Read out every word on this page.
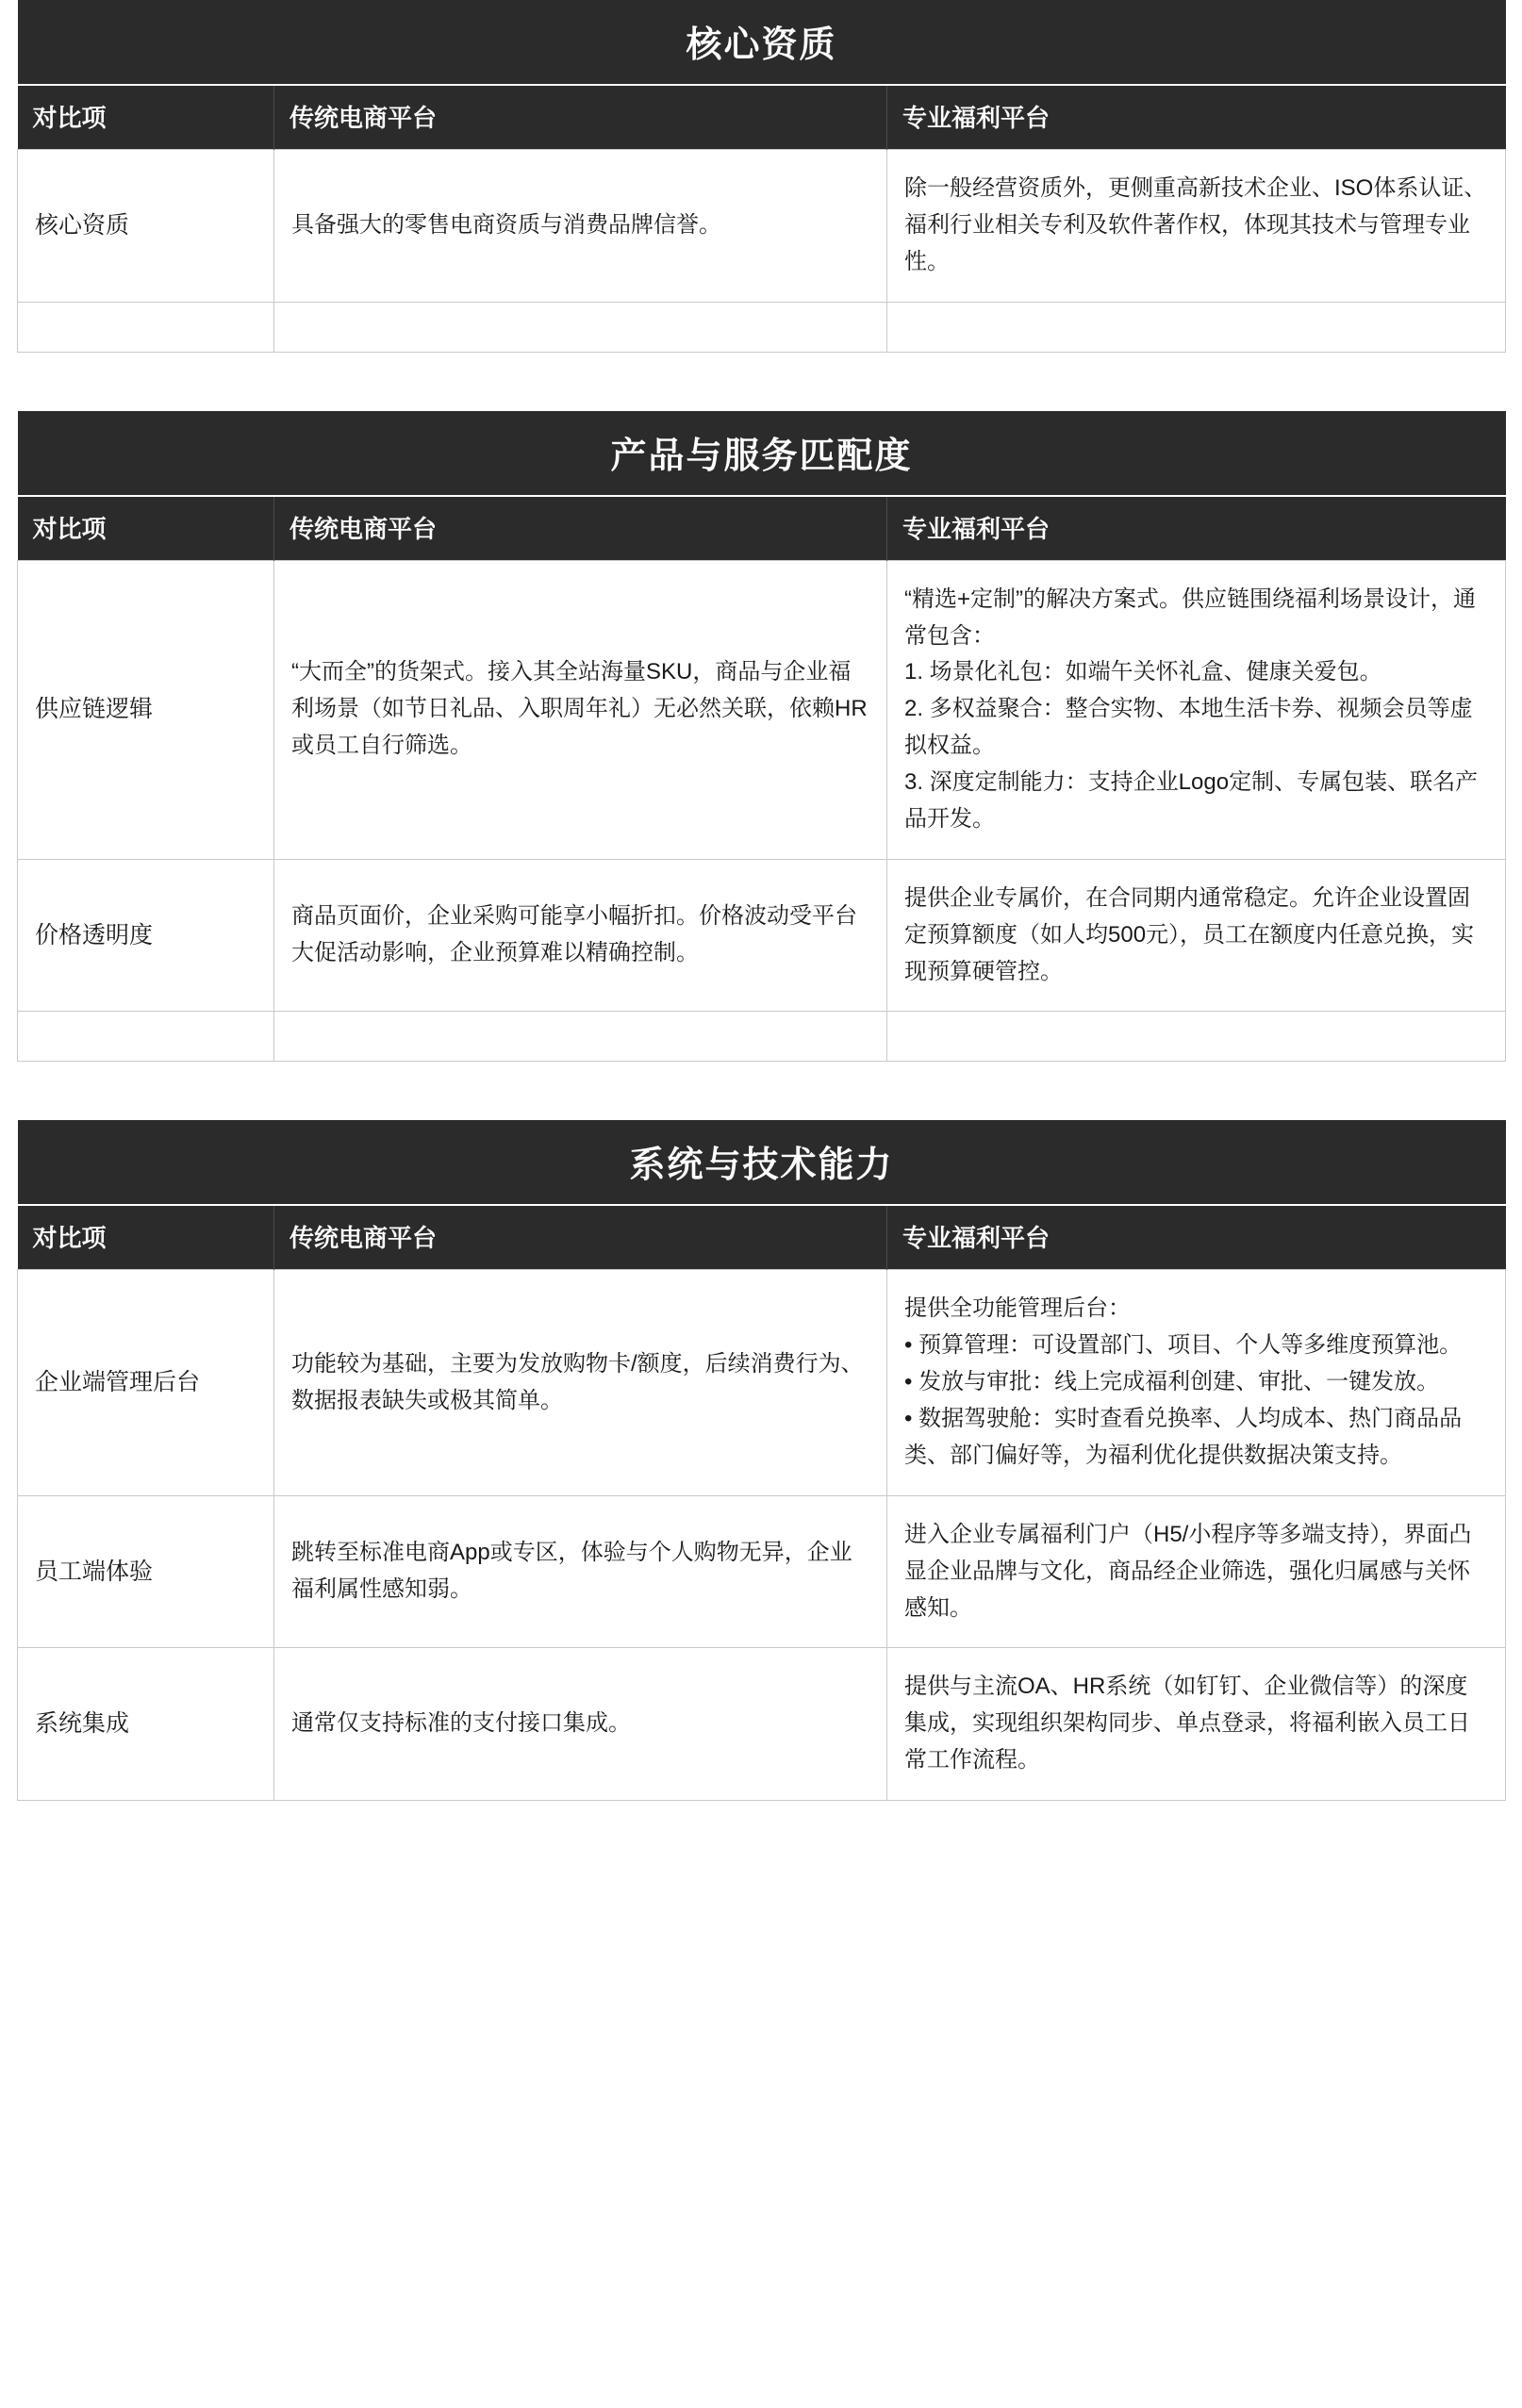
核心资质		
对比项	传统电商平台	专业福利平台
核心资质	具备强大的零售电商资质与消费品牌信誉。	除一般经营资质外，更侧重高新技术企业、ISO体系认证、福利行业相关专利及软件著作权，体现其技术与管理专业性。

产品与服务匹配度		
对比项	传统电商平台	专业福利平台
供应链逻辑	“大而全”的货架式。接入其全站海量SKU，商品与企业福利场景（如节日礼品、入职周年礼）无必然关联，依赖HR或员工自行筛选。	“精选+定制”的解决方案式。供应链围绕福利场景设计，通常包含：

1. 场景化礼包：如端午关怀礼盒、健康关爱包。

2. 多权益聚合：整合实物、本地生活卡券、视频会员等虚拟权益。

3. 深度定制能力：支持企业Logo定制、专属包装、联名产品开发。

价格透明度	商品页面价，企业采购可能享小幅折扣。价格波动受平台大促活动影响，企业预算难以精确控制。	提供企业专属价，在合同期内通常稳定。允许企业设置固定预算额度（如人均500元），员工在额度内任意兑换，实现预算硬管控。

系统与技术能力		
对比项	传统电商平台	专业福利平台
企业端管理后台	功能较为基础，主要为发放购物卡/额度，后续消费行为、数据报表缺失或极其简单。	提供全功能管理后台：

• 预算管理：可设置部门、项目、个人等多维度预算池。

• 发放与审批：线上完成福利创建、审批、一键发放。

• 数据驾驶舱：实时查看兑换率、人均成本、热门商品品类、部门偏好等，为福利优化提供数据决策支持。

员工端体验	跳转至标准电商App或专区，体验与个人购物无异，企业福利属性感知弱。	进入企业专属福利门户（H5/小程序等多端支持），界面凸显企业品牌与文化，商品经企业筛选，强化归属感与关怀感知。

系统集成	通常仅支持标准的支付接口集成。	提供与主流OA、HR系统（如钉钉、企业微信等）的深度集成，实现组织架构同步、单点登录，将福利嵌入员工日常工作流程。
